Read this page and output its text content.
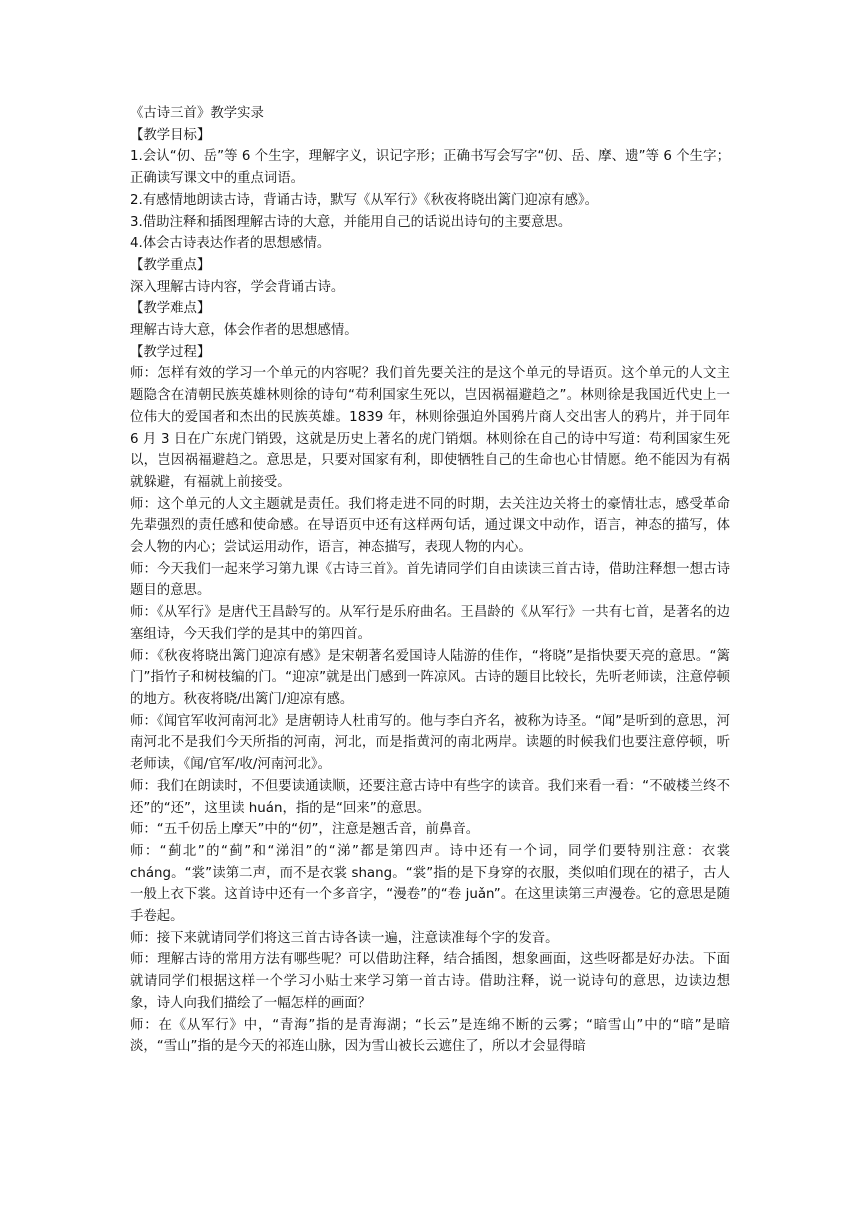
《古诗三首》教学实录

【教学目标】

1.会认“仞、岳”等 6 个生字，理解字义，识记字形；正确书写会写字“仞、岳、摩、遗”等 6 个生字；正确读写课文中的重点词语。

2.有感情地朗读古诗，背诵古诗，默写《从军行》《秋夜将晓出篱门迎凉有感》。

3.借助注释和插图理解古诗的大意，并能用自己的话说出诗句的主要意思。

4.体会古诗表达作者的思想感情。

【教学重点】

深入理解古诗内容，学会背诵古诗。

【教学难点】

理解古诗大意，体会作者的思想感情。

【教学过程】

师：怎样有效的学习一个单元的内容呢？我们首先要关注的是这个单元的导语页。这个单元的人文主题隐含在清朝民族英雄林则徐的诗句“苟利国家生死以，岂因祸福避趋之”。林则徐是我国近代史上一位伟大的爱国者和杰出的民族英雄。1839 年，林则徐强迫外国鸦片商人交出害人的鸦片，并于同年 6 月 3 日在广东虎门销毁，这就是历史上著名的虎门销烟。林则徐在自己的诗中写道：苟利国家生死以，岂因祸福避趋之。意思是，只要对国家有利，即使牺牲自己的生命也心甘情愿。绝不能因为有祸就躲避，有福就上前接受。

师：这个单元的人文主题就是责任。我们将走进不同的时期，去关注边关将士的豪情壮志，感受革命先辈强烈的责任感和使命感。在导语页中还有这样两句话，通过课文中动作，语言，神态的描写，体会人物的内心；尝试运用动作，语言，神态描写，表现人物的内心。

师：今天我们一起来学习第九课《古诗三首》。首先请同学们自由读读三首古诗，借助注释想一想古诗题目的意思。

师：《从军行》是唐代王昌龄写的。从军行是乐府曲名。王昌龄的《从军行》一共有七首，是著名的边塞组诗，今天我们学的是其中的第四首。

师：《秋夜将晓出篱门迎凉有感》是宋朝著名爱国诗人陆游的佳作，“将晓”是指快要天亮的意思。“篱门”指竹子和树枝编的门。“迎凉”就是出门感到一阵凉风。古诗的题目比较长，先听老师读，注意停顿的地方。秋夜将晓/出篱门/迎凉有感。

师：《闻官军收河南河北》是唐朝诗人杜甫写的。他与李白齐名，被称为诗圣。“闻”是听到的意思，河南河北不是我们今天所指的河南，河北，而是指黄河的南北两岸。读题的时候我们也要注意停顿，听老师读，《闻/官军/收/河南河北》。

师：我们在朗读时，不但要读通读顺，还要注意古诗中有些字的读音。我们来看一看：“不破楼兰终不还”的“还”，这里读 huán，指的是“回来”的意思。

师：“五千仞岳上摩天”中的“仞”，注意是翘舌音，前鼻音。

师：“蓟北”的“蓟”和“涕泪”的“涕”都是第四声。诗中还有一个词，同学们要特别注意：衣裳 cháng。“裳”读第二声，而不是衣裳 shang。“裳”指的是下身穿的衣服，类似咱们现在的裙子，古人一般上衣下裳。这首诗中还有一个多音字，“漫卷”的“卷 juǎn”。在这里读第三声漫卷。它的意思是随手卷起。

师：接下来就请同学们将这三首古诗各读一遍，注意读准每个字的发音。

师：理解古诗的常用方法有哪些呢？可以借助注释，结合插图，想象画面，这些呀都是好办法。下面就请同学们根据这样一个学习小贴士来学习第一首古诗。借助注释，说一说诗句的意思，边读边想象，诗人向我们描绘了一幅怎样的画面？

师：在《从军行》中，“青海”指的是青海湖；“长云”是连绵不断的云雾；“暗雪山”中的“暗”是暗淡，“雪山”指的是今天的祁连山脉，因为雪山被长云遮住了，所以才会显得暗
